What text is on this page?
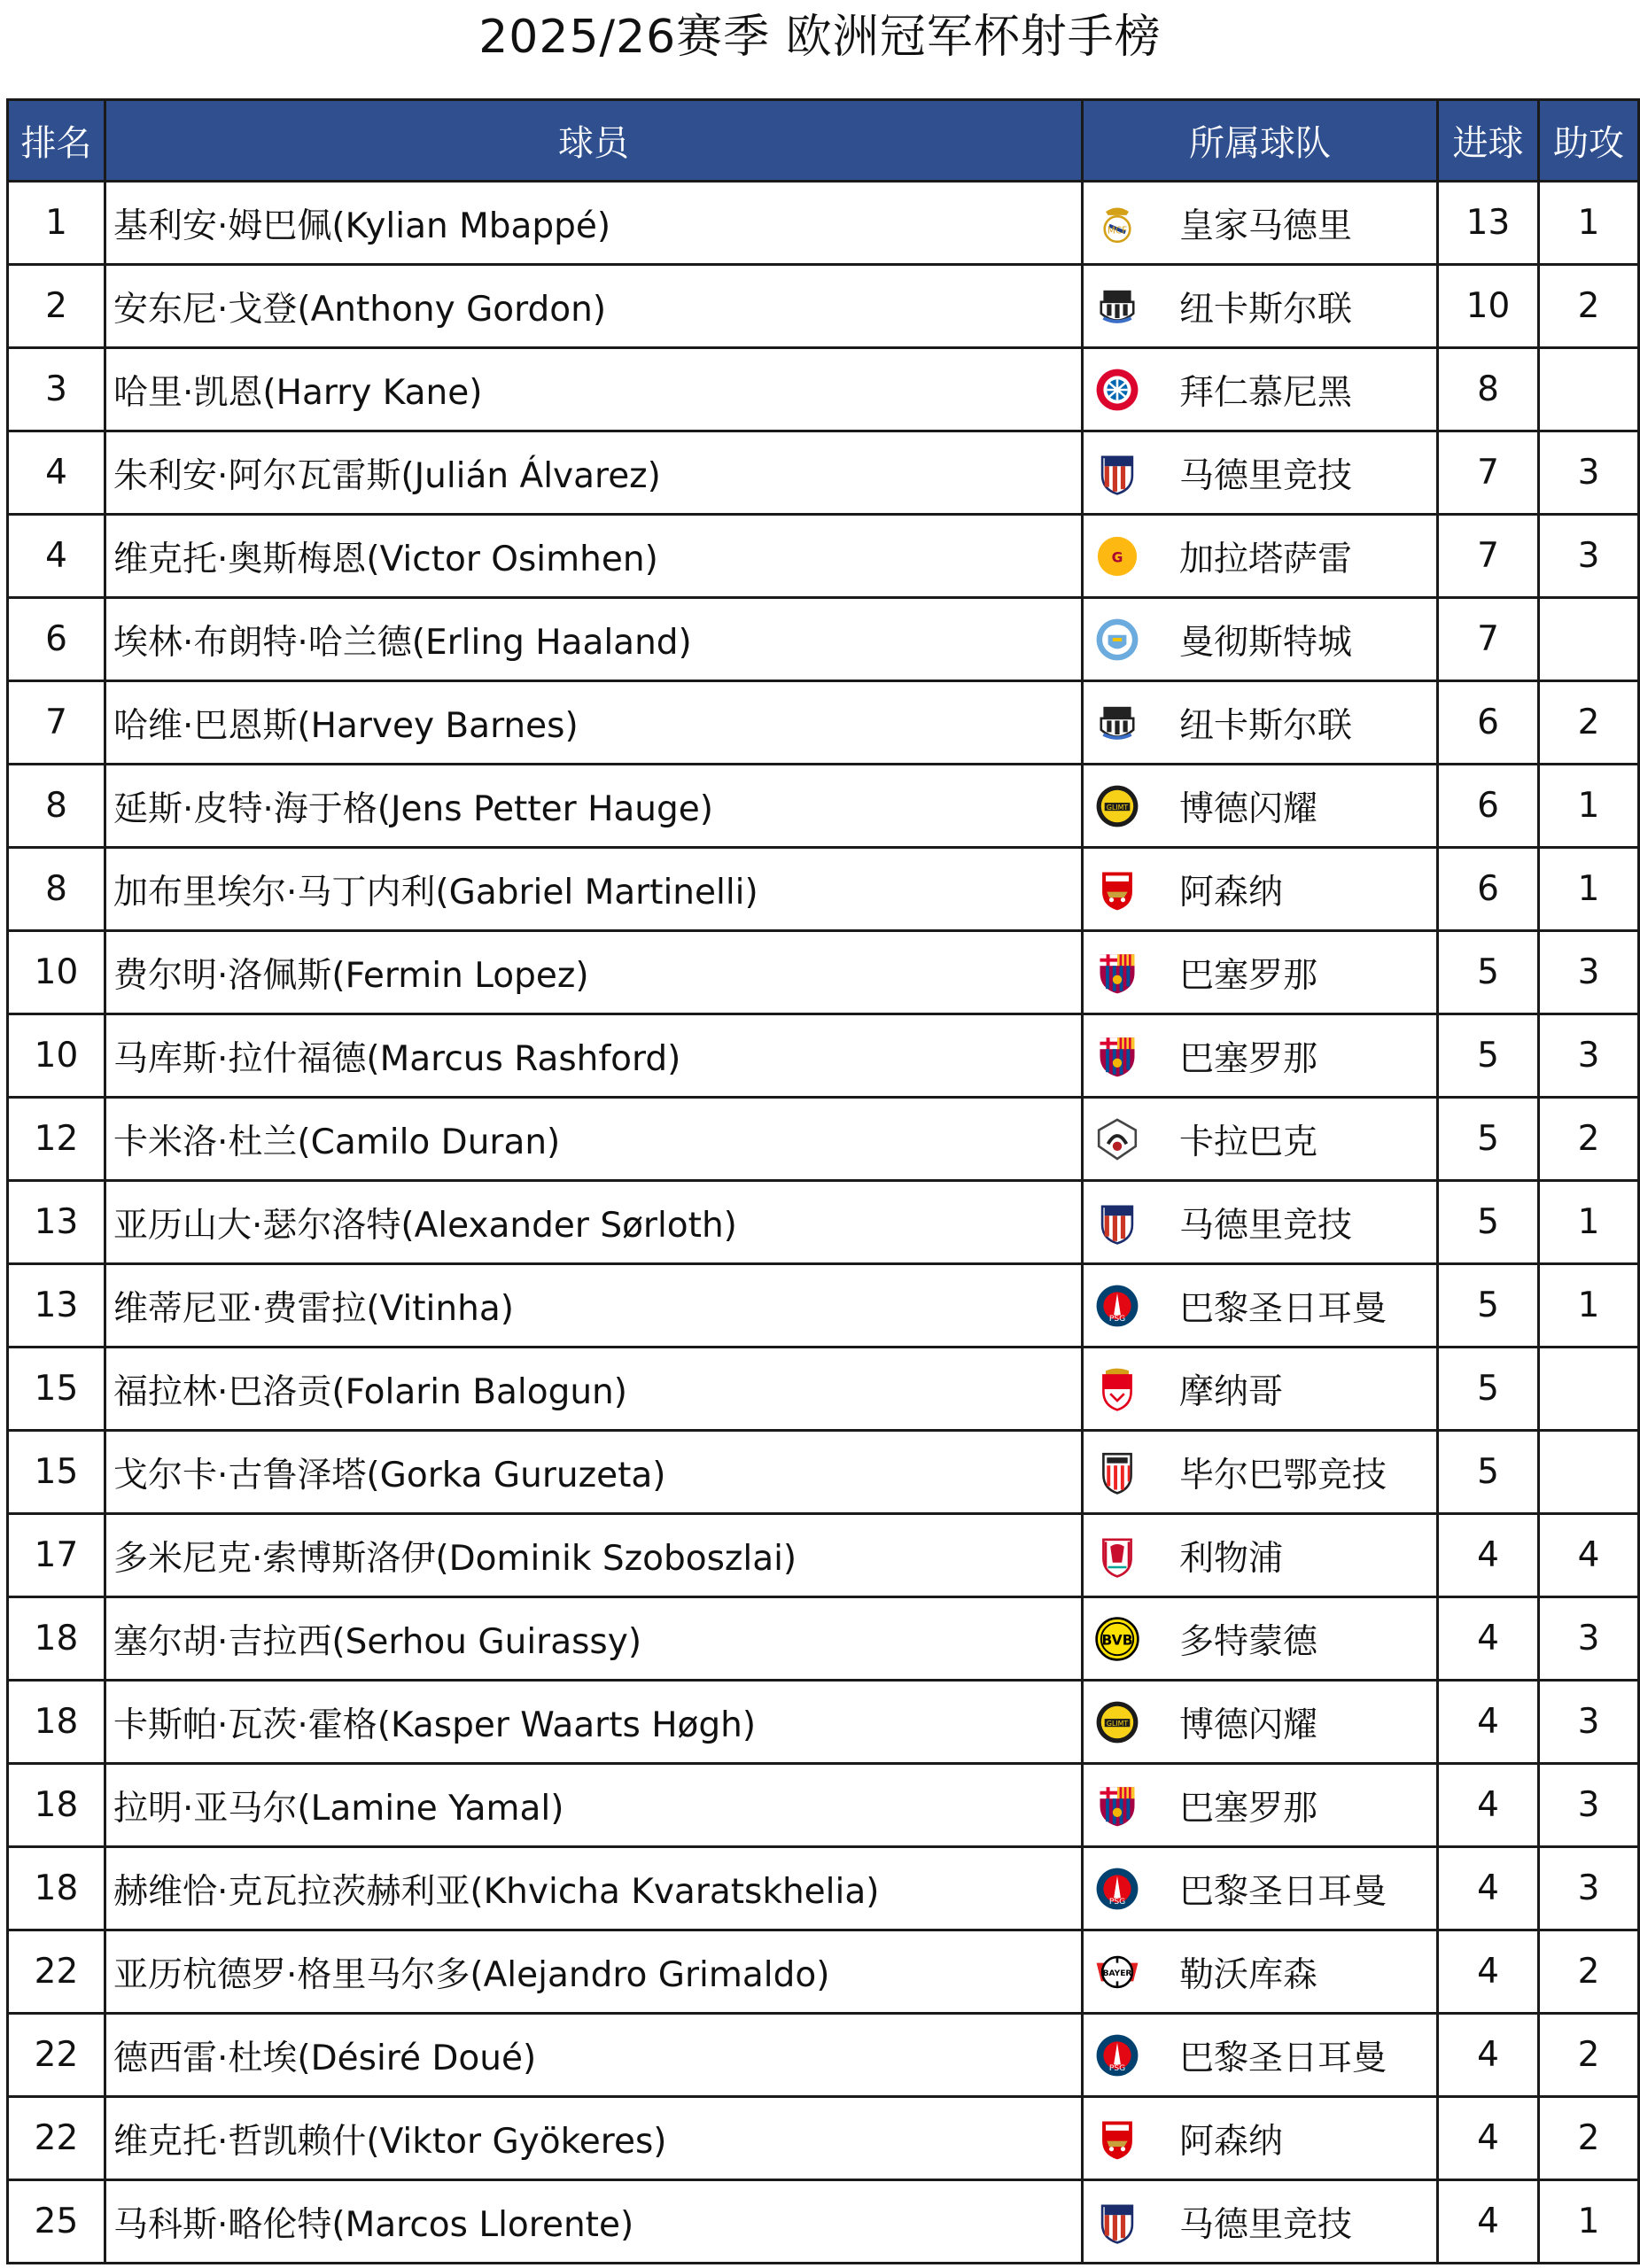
2025/26赛季 欧洲冠军杯射手榜
排名	球员	所属球队	进球	助攻
1	基利安·姆巴佩(Kylian Mbappé)	MCF 皇家马德里	13	1
2	安东尼·戈登(Anthony Gordon)	纽卡斯尔联	10	2
3	哈里·凯恩(Harry Kane)	拜仁慕尼黑	8	
4	朱利安·阿尔瓦雷斯(Julián Álvarez)	马德里竞技	7	3
4	维克托·奥斯梅恩(Victor Osimhen)	G 加拉塔萨雷	7	3
6	埃林·布朗特·哈兰德(Erling Haaland)	曼彻斯特城	7	
7	哈维·巴恩斯(Harvey Barnes)	纽卡斯尔联	6	2
8	延斯·皮特·海于格(Jens Petter Hauge)	GLIMT 博德闪耀	6	1
8	加布里埃尔·马丁内利(Gabriel Martinelli)	阿森纳	6	1
10	费尔明·洛佩斯(Fermin Lopez)	巴塞罗那	5	3
10	马库斯·拉什福德(Marcus Rashford)	巴塞罗那	5	3
12	卡米洛·杜兰(Camilo Duran)	卡拉巴克	5	2
13	亚历山大·瑟尔洛特(Alexander Sørloth)	马德里竞技	5	1
13	维蒂尼亚·费雷拉(Vitinha)	PSG 巴黎圣日耳曼	5	1
15	福拉林·巴洛贡(Folarin Balogun)	摩纳哥	5	
15	戈尔卡·古鲁泽塔(Gorka Guruzeta)	毕尔巴鄂竞技	5	
17	多米尼克·索博斯洛伊(Dominik Szoboszlai)	利物浦	4	4
18	塞尔胡·吉拉西(Serhou Guirassy)	BVB 多特蒙德	4	3
18	卡斯帕·瓦茨·霍格(Kasper Waarts Høgh)	GLIMT 博德闪耀	4	3
18	拉明·亚马尔(Lamine Yamal)	巴塞罗那	4	3
18	赫维恰·克瓦拉茨赫利亚(Khvicha Kvaratskhelia)	PSG 巴黎圣日耳曼	4	3
22	亚历杭德罗·格里马尔多(Alejandro Grimaldo)	BAYER 勒沃库森	4	2
22	德西雷·杜埃(Désiré Doué)	PSG 巴黎圣日耳曼	4	2
22	维克托·哲凯赖什(Viktor Gyökeres)	阿森纳	4	2
25	马科斯·略伦特(Marcos Llorente)	马德里竞技	4	1
